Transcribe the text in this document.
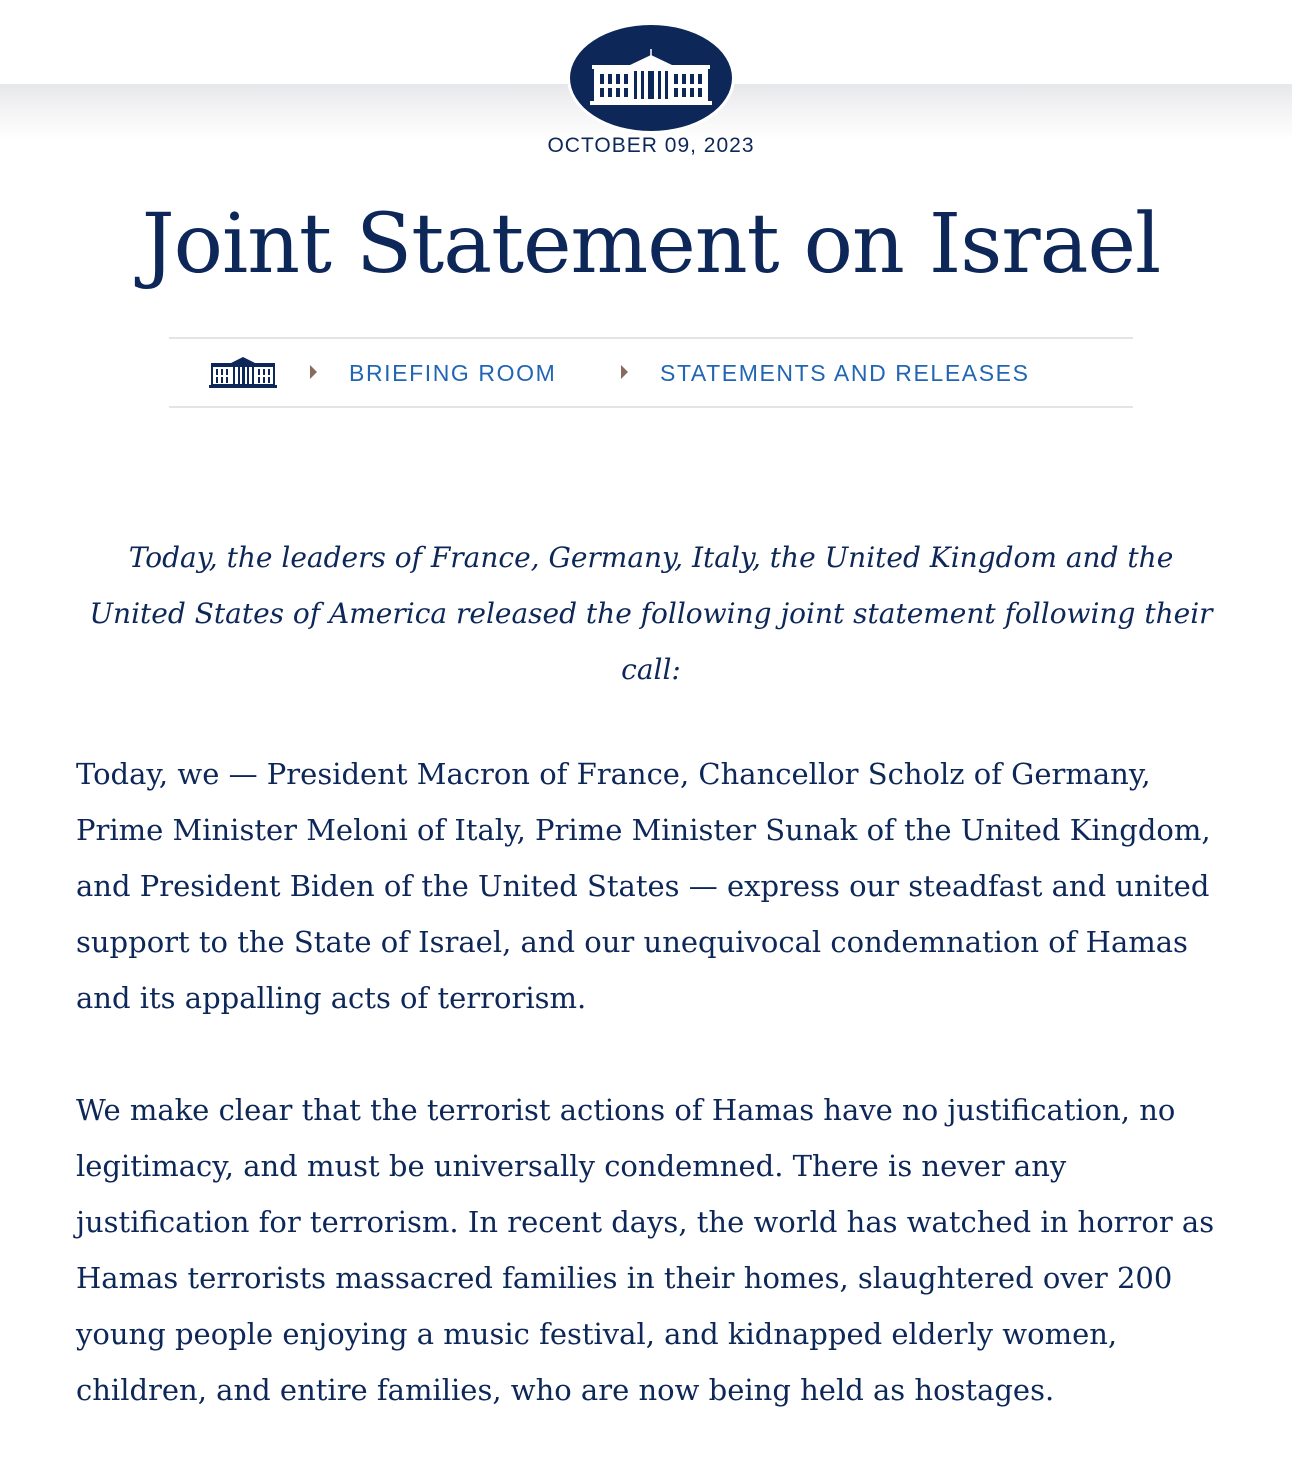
OCTOBER 09, 2023
Joint Statement on Israel
BRIEFING ROOM	STATEMENTS AND RELEASES

Today, the leaders of France, Germany, Italy, the United Kingdom and the United States of America released the following joint statement following their call:

Today, we — President Macron of France, Chancellor Scholz of Germany, Prime Minister Meloni of Italy, Prime Minister Sunak of the United Kingdom, and President Biden of the United States — express our steadfast and united support to the State of Israel, and our unequivocal condemnation of Hamas and its appalling acts of terrorism.

We make clear that the terrorist actions of Hamas have no justification, no legitimacy, and must be universally condemned. There is never any justification for terrorism. In recent days, the world has watched in horror as Hamas terrorists massacred families in their homes, slaughtered over 200 young people enjoying a music festival, and kidnapped elderly women, children, and entire families, who are now being held as hostages.
